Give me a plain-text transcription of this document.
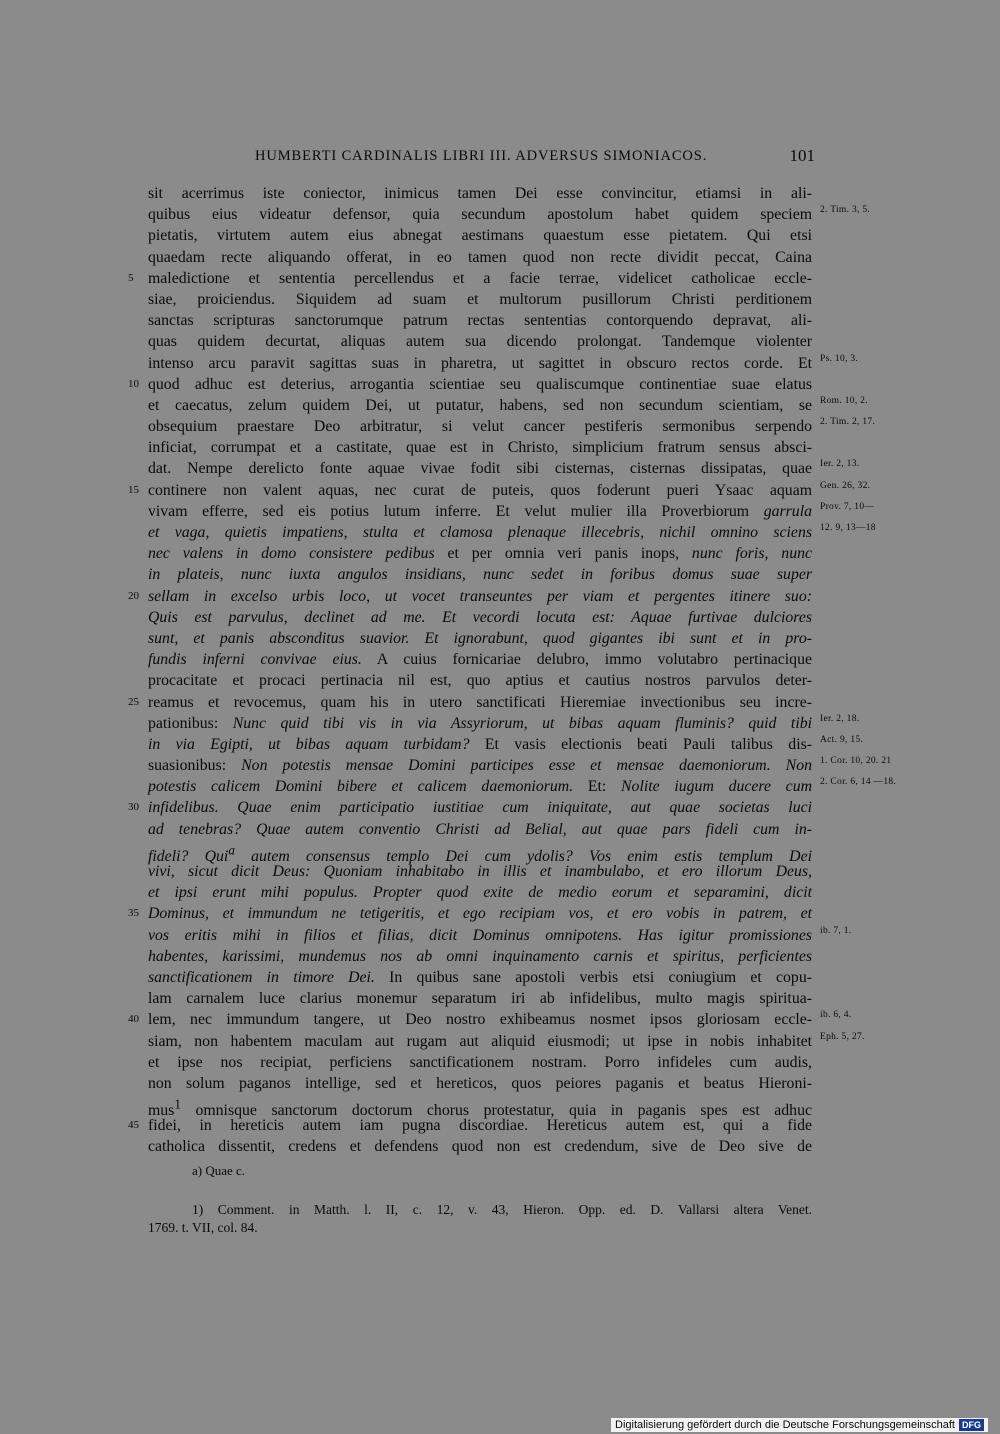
HUMBERTI CARDINALIS LIBRI III. ADVERSUS SIMONIACOS.	101
sit acerrimus iste coniector, inimicus tamen Dei esse convincitur, etiamsi in ali-
quibus eius videatur defensor, quia secundum apostolum habet quidem speciem 2. Tim. 3, 5.
pietatis, virtutem autem eius abnegat aestimans quaestum esse pietatem. Qui etsi
quaedam recte aliquando offerat, in eo tamen quod non recte dividit peccat, Caina
5 maledictione et sententia percellendus et a facie terrae, videlicet catholicae eccle-
siae, proiciendus. Siquidem ad suam et multorum pusillorum Christi perditionem
sanctas scripturas sanctorumque patrum rectas sententias contorquendo depravat, ali-
quas quidem decurtat, aliquas autem sua dicendo prolongat. Tandemque violenter
intenso arcu paravit sagittas suas in pharetra, ut sagittet in obscuro rectos corde. Et Ps. 10, 3.
10 quod adhuc est deterius, arrogantia scientiae seu qualiscumque continentiae suae elatus
et caecatus, zelum quidem Dei, ut putatur, habens, sed non secundum scientiam, se Rom. 10, 2.
obsequium praestare Deo arbitratur, si velut cancer pestiferis sermonibus serpendo 2. Tim. 2, 17.
inficiat, corrumpat et a castitate, quae est in Christo, simplicium fratrum sensus absci-
dat. Nempe derelicto fonte aquae vivae fodit sibi cisternas, cisternas dissipatas, quae Ier. 2, 13.
15 continere non valent aquas, nec curat de puteis, quos foderunt pueri Ysaac aquam Gen. 26, 32.
vivam efferre, sed eis potius lutum inferre. Et velut mulier illa Proverbiorum garrula Prov. 7, 10—
et vaga, quietis impatiens, stulta et clamosa plenaque illecebris, nichil omnino sciens 12. 9, 13—18
nec valens in domo consistere pedibus et per omnia veri panis inops, nunc foris, nunc
in plateis, nunc iuxta angulos insidians, nunc sedet in foribus domus suae super
20 sellam in excelso urbis loco, ut vocet transeuntes per viam et pergentes itinere suo:
Quis est parvulus, declinet ad me. Et vecordi locuta est: Aquae furtivae dulciores
sunt, et panis absconditus suavior. Et ignorabunt, quod gigantes ibi sunt et in pro-
fundis inferni convivae eius. A cuius fornicariae delubro, immo volutabro pertinacique
procacitate et procaci pertinacia nil est, quo aptius et cautius nostros parvulos deter-
25 reamus et revocemus, quam his in utero sanctificati Hieremiae invectionibus seu incre-
pationibus: Nunc quid tibi vis in via Assyriorum, ut bibas aquam fluminis? quid tibi Ier. 2, 18.
in via Egipti, ut bibas aquam turbidam? Et vasis electionis beati Pauli talibus dis- Act. 9, 15.
suasionibus: Non potestis mensae Domini participes esse et mensae daemoniorum. Non 1. Cor. 10, 20. 21
potestis calicem Domini bibere et calicem daemoniorum. Et: Nolite iugum ducere cum 2. Cor. 6, 14 —18.
30 infidelibus. Quae enim participatio iustitiae cum iniquitate, aut quae societas luci
ad tenebras? Quae autem conventio Christi ad Belial, aut quae pars fideli cum in-
fideli? Qui$^a$ autem consensus templo Dei cum ydolis? Vos enim estis templum Dei
vivi, sicut dicit Deus: Quoniam inhabitabo in illis et inambulabo, et ero illorum Deus,
et ipsi erunt mihi populus. Propter quod exite de medio eorum et separamini, dicit
35 Dominus, et immundum ne tetigeritis, et ego recipiam vos, et ero vobis in patrem, et
vos eritis mihi in filios et filias, dicit Dominus omnipotens. Has igitur promissiones ib. 7, 1.
habentes, karissimi, mundemus nos ab omni inquinamento carnis et spiritus, perficientes
sanctificationem in timore Dei. In quibus sane apostoli verbis etsi coniugium et copu-
lam carnalem luce clarius monemur separatum iri ab infidelibus, multo magis spiritua-
40 lem, nec immundum tangere, ut Deo nostro exhibeamus nosmet ipsos gloriosam eccle- ib. 6, 4.
siam, non habentem maculam aut rugam aut aliquid eiusmodi; ut ipse in nobis inhabitet Eph. 5, 27.
et ipse nos recipiat, perficiens sanctificationem nostram. Porro infideles cum audis,
non solum paganos intellige, sed et hereticos, quos peiores paganis et beatus Hieroni-
mus$^1$ omnisque sanctorum doctorum chorus protestatur, quia in paganis spes est adhuc
45 fidei, in hereticis autem iam pugna discordiae. Hereticus autem est, qui a fide
catholica dissentit, credens et defendens quod non est credendum, sive de Deo sive de
a) Quae c.
1) Comment. in Matth. l. II, c. 12, v. 43, Hieron. Opp. ed. D. Vallarsi altera Venet.
1769. t. VII, col. 84.
Digitalisierung gefördert durch die Deutsche Forschungsgemeinschaft DFG
